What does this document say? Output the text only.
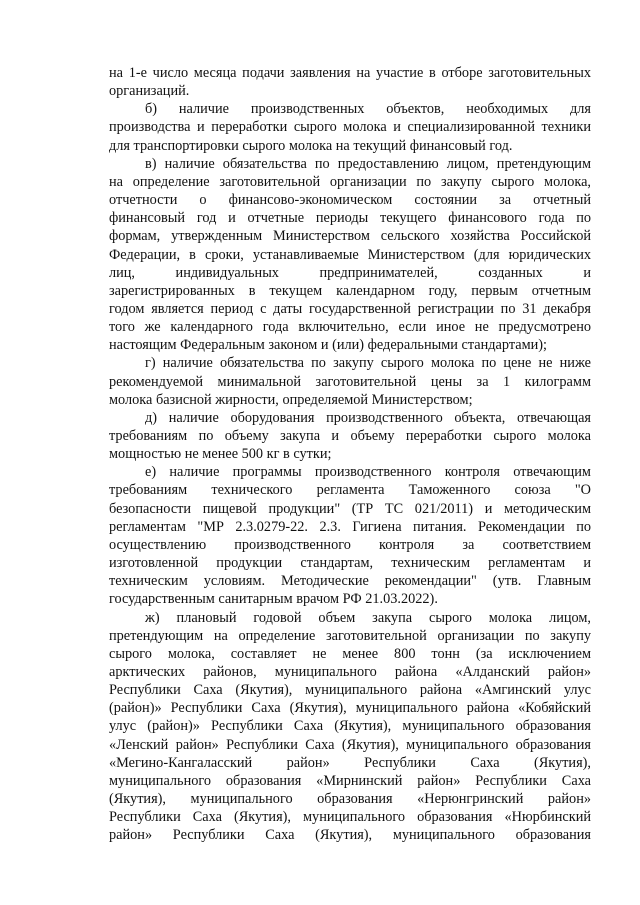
на 1-е число месяца подачи заявления на участие в отборе заготовительных
организаций.
б) наличие производственных объектов, необходимых для
производства и переработки сырого молока и специализированной техники
для транспортировки сырого молока на текущий финансовый год.
в) наличие обязательства по предоставлению лицом, претендующим
на определение заготовительной организации по закупу сырого молока,
отчетности о финансово-экономическом состоянии за отчетный
финансовый год и отчетные периоды текущего финансового года по
формам, утвержденным Министерством сельского хозяйства Российской
Федерации, в сроки, устанавливаемые Министерством (для юридических
лиц, индивидуальных предпринимателей, созданных и
зарегистрированных в текущем календарном году, первым отчетным
годом является период с даты государственной регистрации по 31 декабря
того же календарного года включительно, если иное не предусмотрено
настоящим Федеральным законом и (или) федеральными стандартами);
г) наличие обязательства по закупу сырого молока по цене не ниже
рекомендуемой минимальной заготовительной цены за 1 килограмм
молока базисной жирности, определяемой Министерством;
д) наличие оборудования производственного объекта, отвечающая
требованиям по объему закупа и объему переработки сырого молока
мощностью не менее 500 кг в сутки;
е) наличие программы производственного контроля отвечающим
требованиям технического регламента Таможенного союза "О
безопасности пищевой продукции" (ТР ТС 021/2011) и методическим
регламентам "МР 2.3.0279-22. 2.3. Гигиена питания. Рекомендации по
осуществлению производственного контроля за соответствием
изготовленной продукции стандартам, техническим регламентам и
техническим условиям. Методические рекомендации" (утв. Главным
государственным санитарным врачом РФ 21.03.2022).
ж) плановый годовой объем закупа сырого молока лицом,
претендующим на определение заготовительной организации по закупу
сырого молока, составляет не менее 800 тонн (за исключением
арктических районов, муниципального района «Алданский район»
Республики Саха (Якутия), муниципального района «Амгинский улус
(район)» Республики Саха (Якутия), муниципального района «Кобяйский
улус (район)» Республики Саха (Якутия), муниципального образования
«Ленский район» Республики Саха (Якутия), муниципального образования
«Мегино-Кангаласский район» Республики Саха (Якутия),
муниципального образования «Мирнинский район» Республики Саха
(Якутия), муниципального образования «Нерюнгринский район»
Республики Саха (Якутия), муниципального образования «Нюрбинский
район» Республики Саха (Якутия), муниципального образования
